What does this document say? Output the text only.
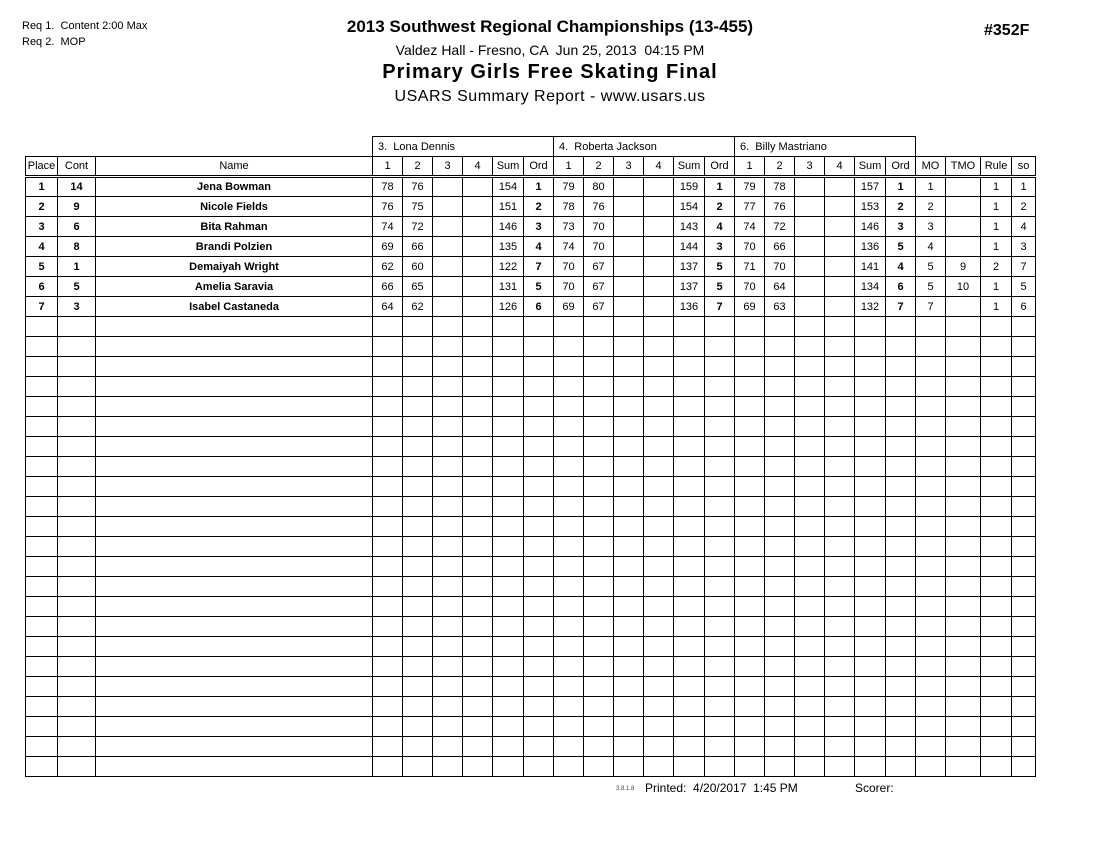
Req 1.  Content 2:00 Max
Req 2.  MOP
2013 Southwest Regional Championships (13-455)
Valdez Hall - Fresno, CA  Jun 25, 2013  04:15 PM
Primary Girls Free Skating Final
USARS Summary Report - www.usars.us
#352F
			3.  Lona Dennis						4.  Roberta Jackson						6.  Billy Mastriano									
Place	Cont	Name	1	2	3	4	Sum	Ord	1	2	3	4	Sum	Ord	1	2	3	4	Sum	Ord	MO	TMO	Rule	so
1	14	Jena Bowman	78	76			154	1	79	80			159	1	79	78			157	1	1		1	1
2	9	Nicole Fields	76	75			151	2	78	76			154	2	77	76			153	2	2		1	2
3	6	Bita Rahman	74	72			146	3	73	70			143	4	74	72			146	3	3		1	4
4	8	Brandi Polzien	69	66			135	4	74	70			144	3	70	66			136	5	4		1	3
5	1	Demaiyah Wright	62	60			122	7	70	67			137	5	71	70			141	4	5	9	2	7
6	5	Amelia Saravia	66	65			131	5	70	67			137	5	70	64			134	6	5	10	1	5
7	3	Isabel Castaneda	64	62			126	6	69	67			136	7	69	63			132	7	7		1	6

3.8.1.8 Printed:  4/20/2017  1:45 PM	Scorer:
